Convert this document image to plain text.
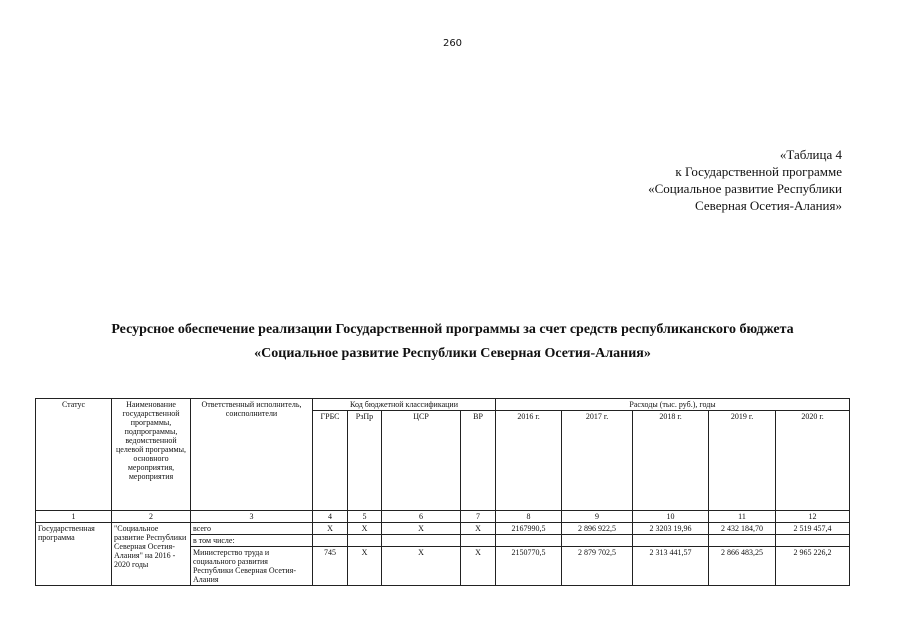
260
«Таблица 4
к Государственной программе
«Социальное развитие Республики
Северная Осетия-Алания»
Ресурсное обеспечение реализации Государственной программы за счет средств республиканского бюджета
«Социальное развитие Республики Северная Осетия-Алания»
Статус	Наименование государственной программы, подпрограммы, ведомственной целевой программы, основного мероприятия, мероприятия	Ответственный исполнитель, соисполнители	Код бюджетной классификации				Расходы (тыс. руб.), годы				
			ГРБС	РзПр	ЦСР	ВР	2016 г.	2017 г.	2018 г.	2019 г.	2020 г.
1	2	3	4	5	6	7	8	9	10	11	12
Государственная программа	"Социальное развитие Республики Северная Осетия-Алания" на 2016 - 2020 годы	всего	X	X	X	X	2167990,5	2 896 922,5	2 3203 19,96	2 432 184,70	2 519 457,4
		в том числе:									
		Министерство труда и социального развития Республики Северная Осетия-Алания	745	X	X	X	2150770,5	2 879 702,5	2 313 441,57	2 866 483,25	2 965 226,2
